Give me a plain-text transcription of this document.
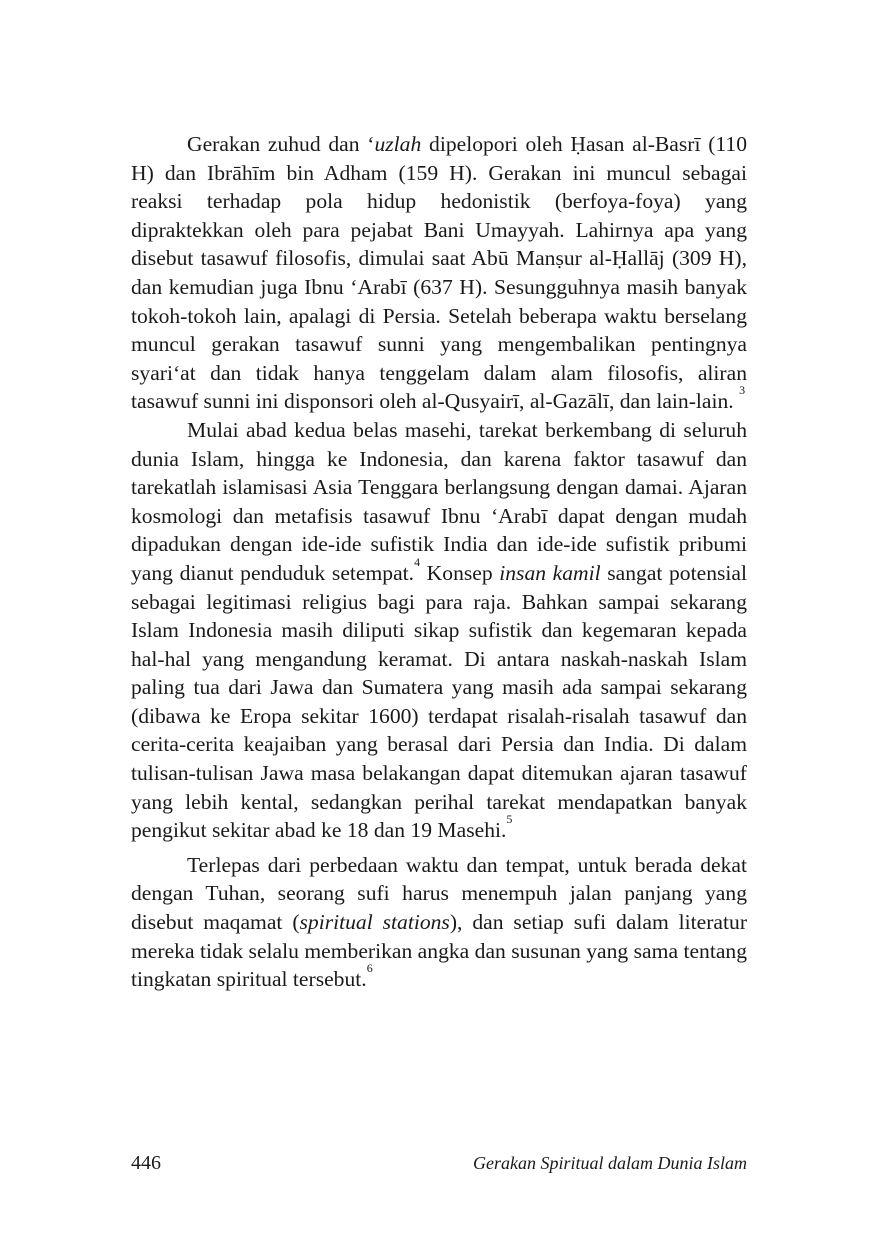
Gerakan zuhud dan ‘uzlah dipelopori oleh Ḥasan al-Basrī (110 H) dan Ibrāhīm bin Adham (159 H). Gerakan ini muncul sebagai reaksi terhadap pola hidup hedonistik (berfoya-foya) yang dipraktekkan oleh para pejabat Bani Umayyah. Lahirnya apa yang disebut tasawuf filosofis, dimulai saat Abū Manṣur al-Ḥallāj (309 H), dan kemudian juga Ibnu ‘Arabī (637 H). Sesungguhnya masih banyak tokoh-tokoh lain, apalagi di Persia. Setelah beberapa waktu berselang muncul gerakan tasawuf sunni yang mengembalikan pentingnya syari‘at dan tidak hanya tenggelam dalam alam filosofis, aliran tasawuf sunni ini disponsori oleh al-Qusyairī, al-Gazālī, dan lain-lain. $^3$

Mulai abad kedua belas masehi, tarekat berkembang di seluruh dunia Islam, hingga ke Indonesia, dan karena faktor tasawuf dan tarekatlah islamisasi Asia Tenggara berlangsung dengan damai. Ajaran kosmologi dan metafisis tasawuf Ibnu ‘Arabī dapat dengan mudah dipadukan dengan ide-ide sufistik India dan ide-ide sufistik pribumi yang dianut penduduk setempat.$^4$ Konsep insan kamil sangat potensial sebagai legitimasi religius bagi para raja. Bahkan sampai sekarang Islam Indonesia masih diliputi sikap sufistik dan kegemaran kepada hal-hal yang mengandung keramat. Di antara naskah-naskah Islam paling tua dari Jawa dan Sumatera yang masih ada sampai sekarang (dibawa ke Eropa sekitar 1600) terdapat risalah-risalah tasawuf dan cerita-cerita keajaiban yang berasal dari Persia dan India. Di dalam tulisan-tulisan Jawa masa belakangan dapat ditemukan ajaran tasawuf yang lebih kental, sedangkan perihal tarekat mendapatkan banyak pengikut sekitar abad ke 18 dan 19 Masehi.$^5$

Terlepas dari perbedaan waktu dan tempat, untuk berada dekat dengan Tuhan, seorang sufi harus menempuh jalan panjang yang disebut maqamat (spiritual stations), dan setiap sufi dalam literatur mereka tidak selalu memberikan angka dan susunan yang sama tentang tingkatan spiritual tersebut.$^6$

446	Gerakan Spiritual dalam Dunia Islam
